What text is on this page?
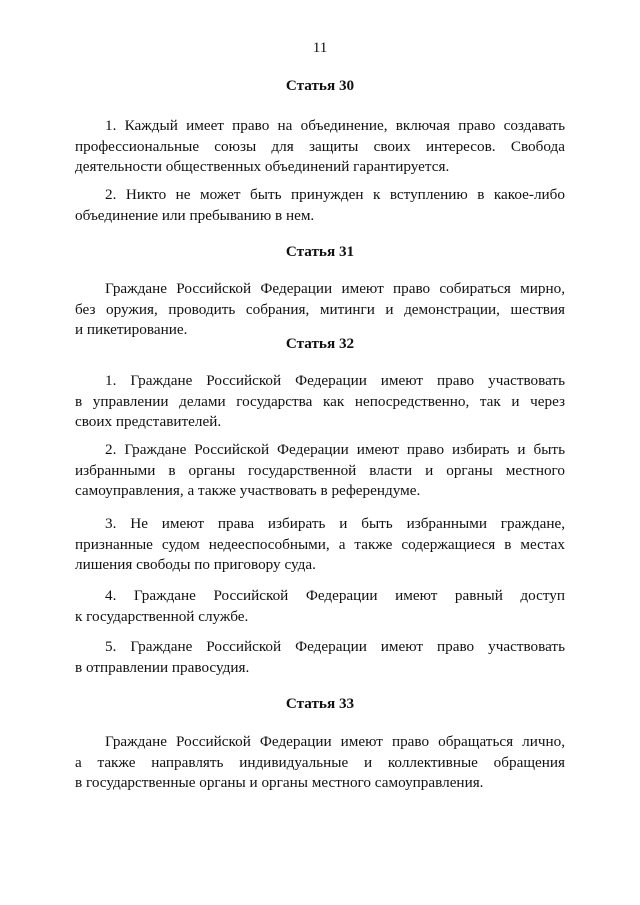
11
Статья 30
1. Каждый имеет право на объединение, включая право создавать
профессиональные союзы для защиты своих интересов. Свобода
деятельности общественных объединений гарантируется.
2. Никто не может быть принужден к вступлению в какое-либо
объединение или пребыванию в нем.
Статья 31
Граждане Российской Федерации имеют право собираться мирно,
без оружия, проводить собрания, митинги и демонстрации, шествия
и пикетирование.
Статья 32
1. Граждане Российской Федерации имеют право участвовать
в управлении делами государства как непосредственно, так и через
своих представителей.
2. Граждане Российской Федерации имеют право избирать и быть
избранными в органы государственной власти и органы местного
самоуправления, а также участвовать в референдуме.
3. Не имеют права избирать и быть избранными граждане,
признанные судом недееспособными, а также содержащиеся в местах
лишения свободы по приговору суда.
4. Граждане Российской Федерации имеют равный доступ
к государственной службе.
5. Граждане Российской Федерации имеют право участвовать
в отправлении правосудия.
Статья 33
Граждане Российской Федерации имеют право обращаться лично,
а также направлять индивидуальные и коллективные обращения
в государственные органы и органы местного самоуправления.
